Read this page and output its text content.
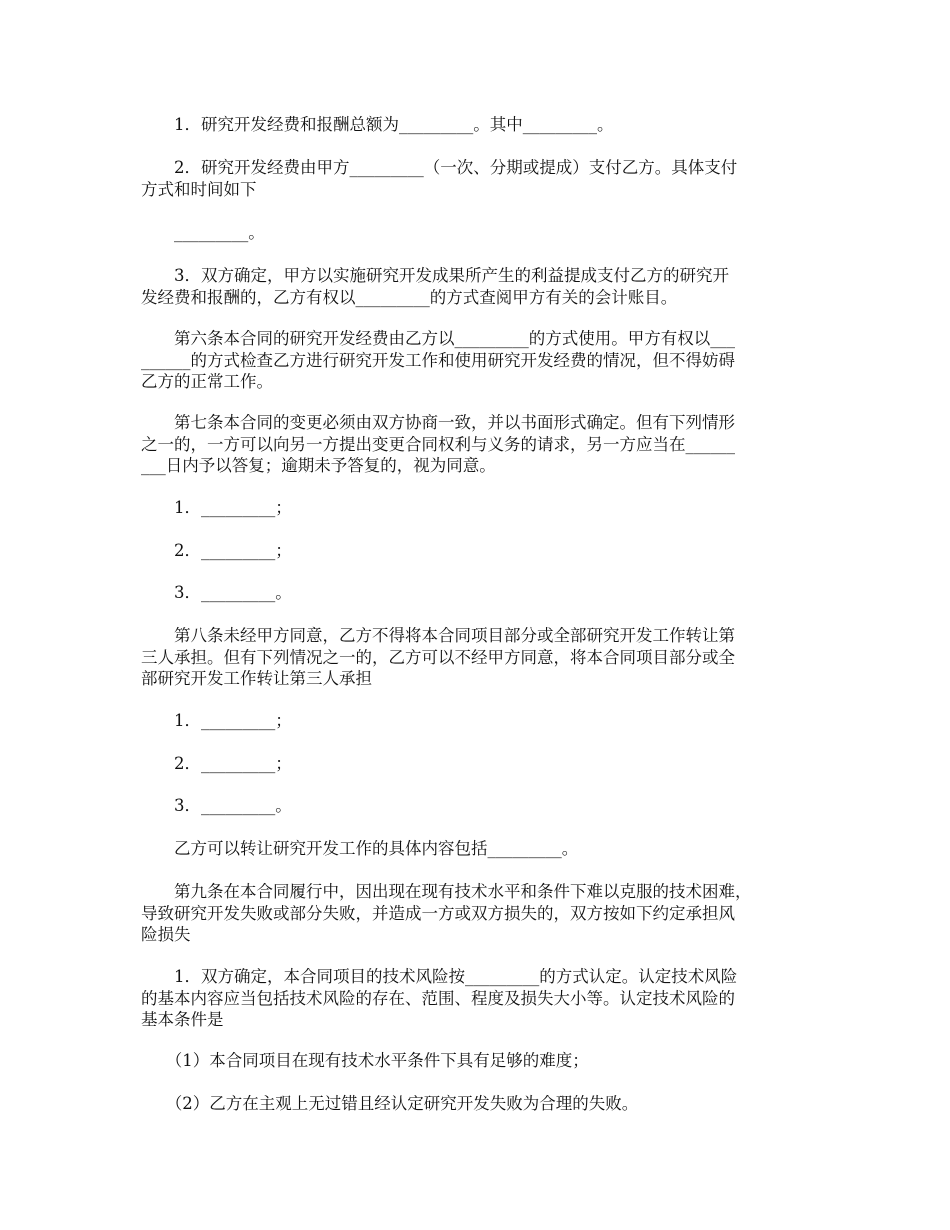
　　1．研究开发经费和报酬总额为_________。其中_________。

　　2．研究开发经费由甲方_________（一次、分期或提成）支付乙方。具体支付
方式和时间如下

　　_________。

　　3．双方确定，甲方以实施研究开发成果所产生的利益提成支付乙方的研究开
发经费和报酬的，乙方有权以_________的方式查阅甲方有关的会计账目。

　　第六条本合同的研究开发经费由乙方以_________的方式使用。甲方有权以___
______的方式检查乙方进行研究开发工作和使用研究开发经费的情况，但不得妨碍
乙方的正常工作。

　　第七条本合同的变更必须由双方协商一致，并以书面形式确定。但有下列情形
之一的，一方可以向另一方提出变更合同权利与义务的请求，另一方应当在______
___日内予以答复；逾期未予答复的，视为同意。

　　1．_________；

　　2．_________；

　　3．_________。

　　第八条未经甲方同意，乙方不得将本合同项目部分或全部研究开发工作转让第
三人承担。但有下列情况之一的，乙方可以不经甲方同意，将本合同项目部分或全
部研究开发工作转让第三人承担

　　1．_________；

　　2．_________；

　　3．_________。

　　乙方可以转让研究开发工作的具体内容包括_________。

　　第九条在本合同履行中，因出现在现有技术水平和条件下难以克服的技术困难，
导致研究开发失败或部分失败，并造成一方或双方损失的，双方按如下约定承担风
险损失

　　1．双方确定，本合同项目的技术风险按_________的方式认定。认定技术风险
的基本内容应当包括技术风险的存在、范围、程度及损失大小等。认定技术风险的
基本条件是

　　（1）本合同项目在现有技术水平条件下具有足够的难度；

　　（2）乙方在主观上无过错且经认定研究开发失败为合理的失败。
